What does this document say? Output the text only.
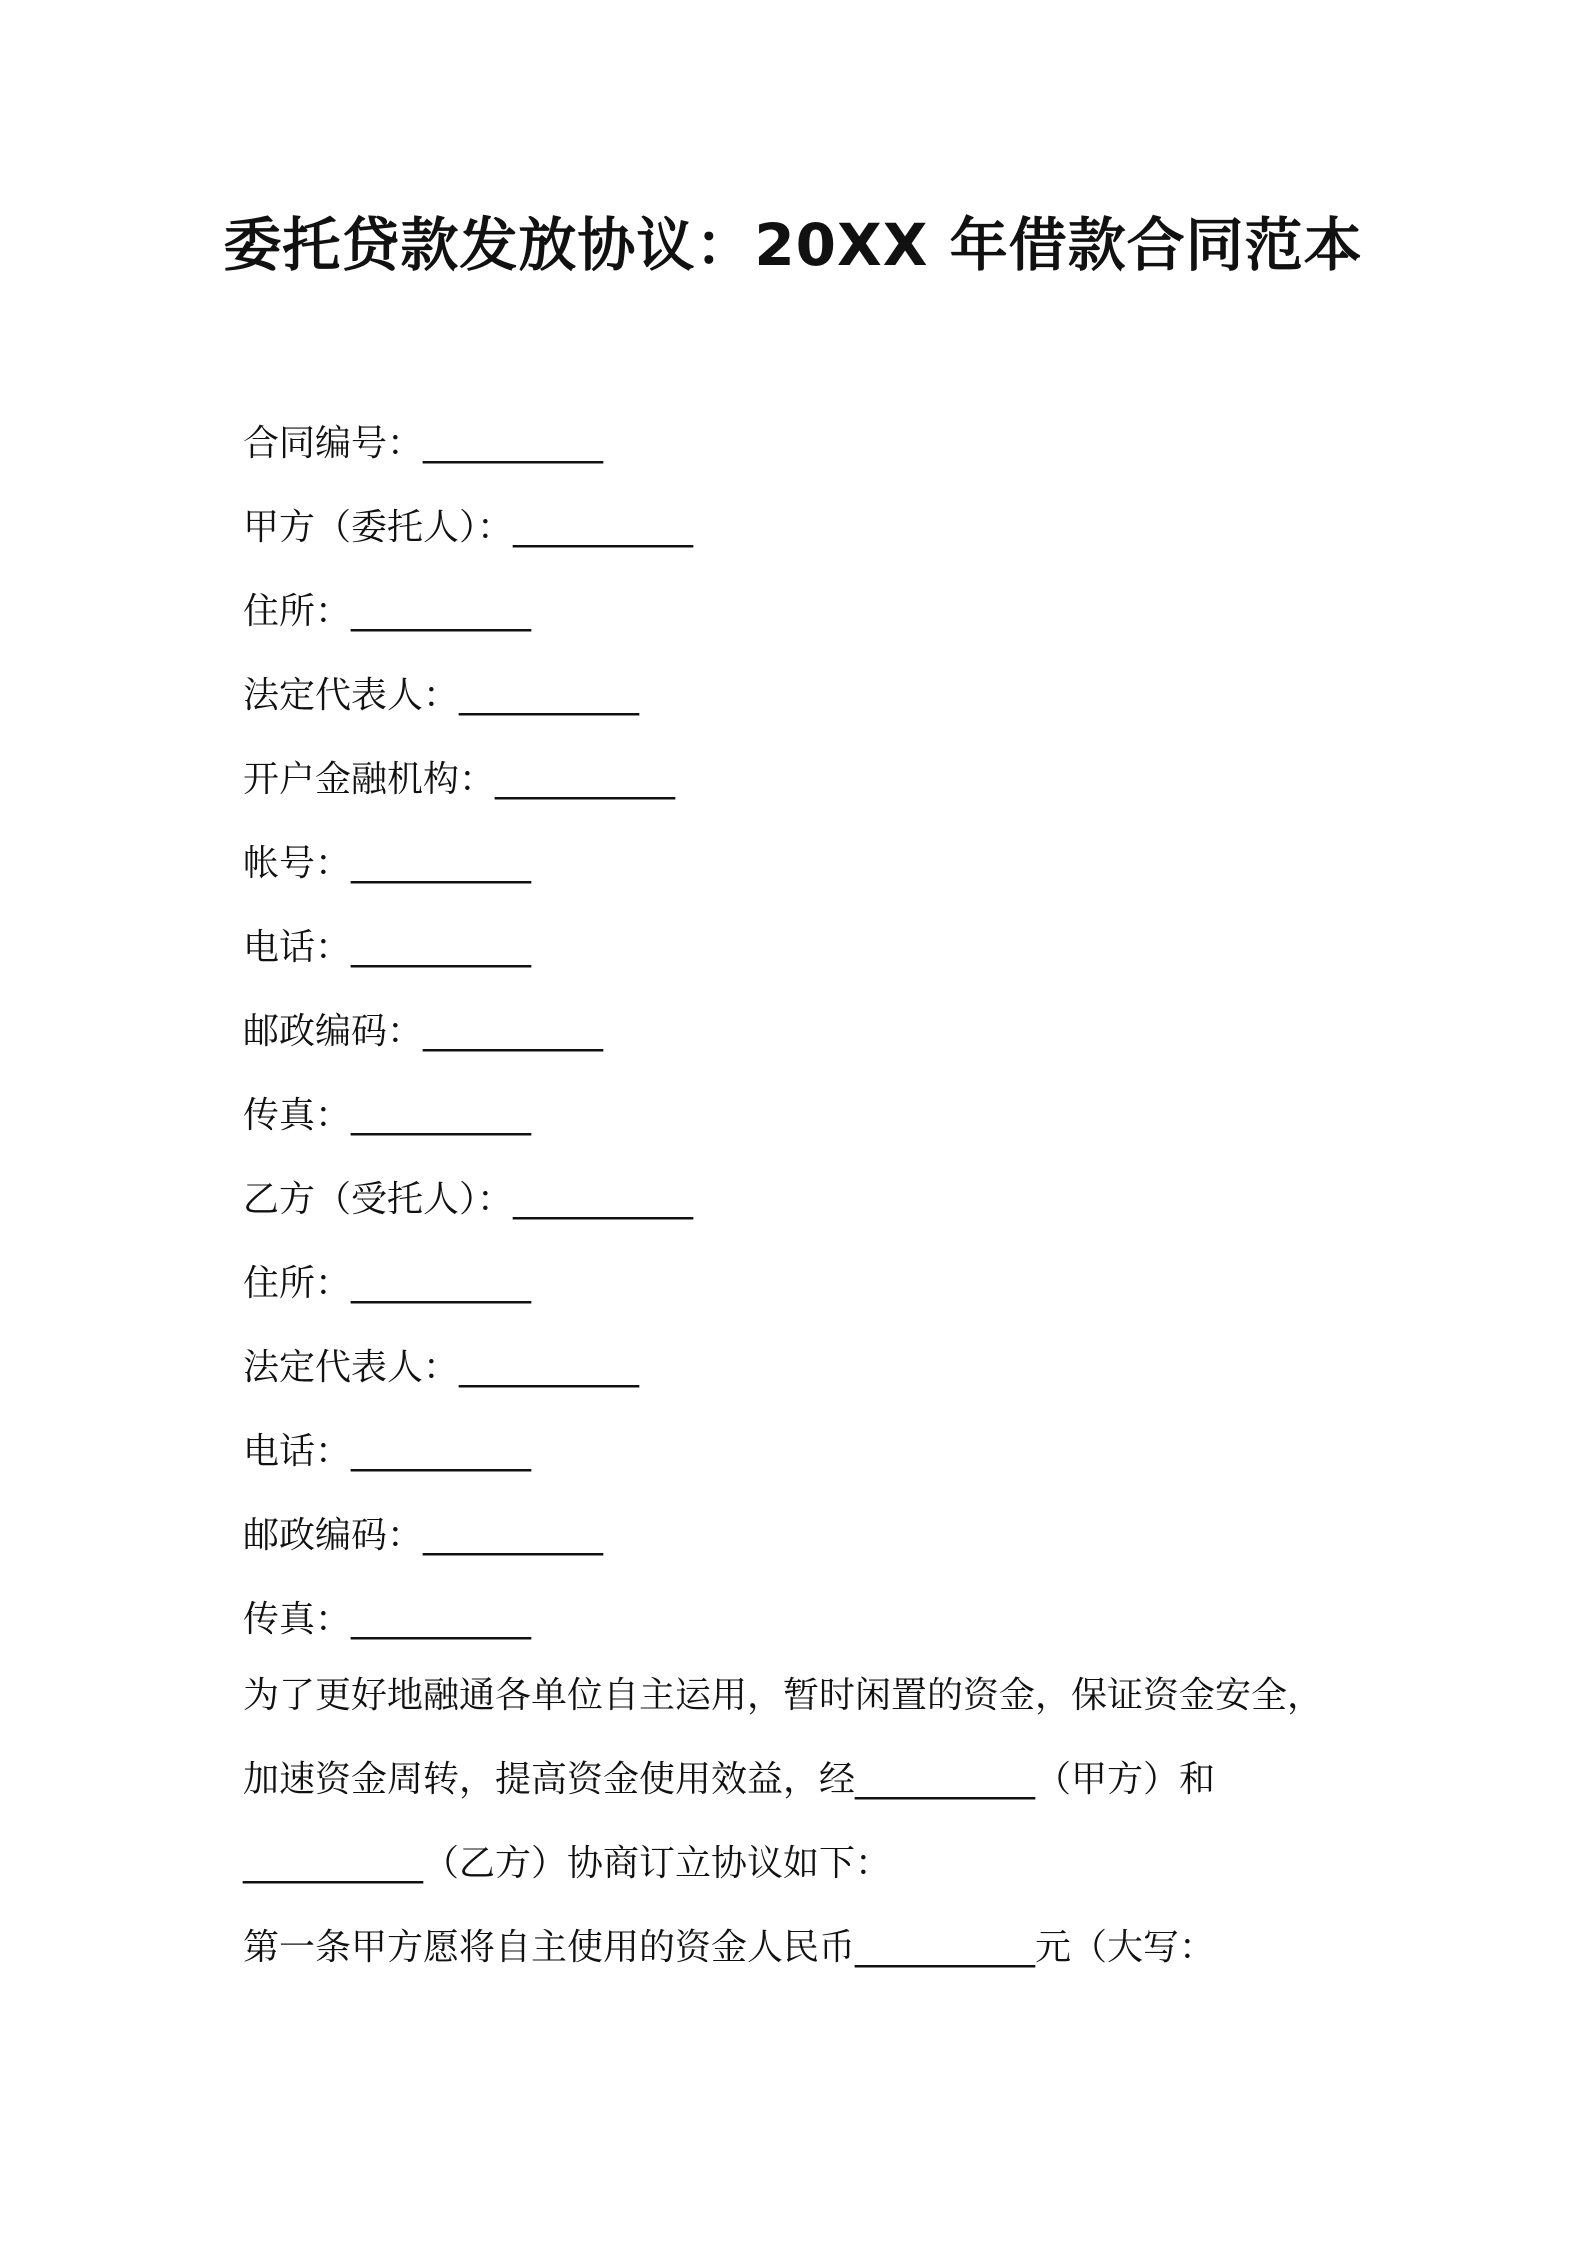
委托贷款发放协议：20XX 年借款合同范本
合同编号：__________
甲方（委托人）：__________
住所：__________
法定代表人：__________
开户金融机构：__________
帐号：__________
电话：__________
邮政编码：__________
传真：__________
乙方（受托人）：__________
住所：__________
法定代表人：__________
电话：__________
邮政编码：__________
传真：__________
为了更好地融通各单位自主运用，暂时闲置的资金，保证资金安全，
加速资金周转，提高资金使用效益，经__________（甲方）和
__________（乙方）协商订立协议如下：
第一条甲方愿将自主使用的资金人民币__________元（大写：
